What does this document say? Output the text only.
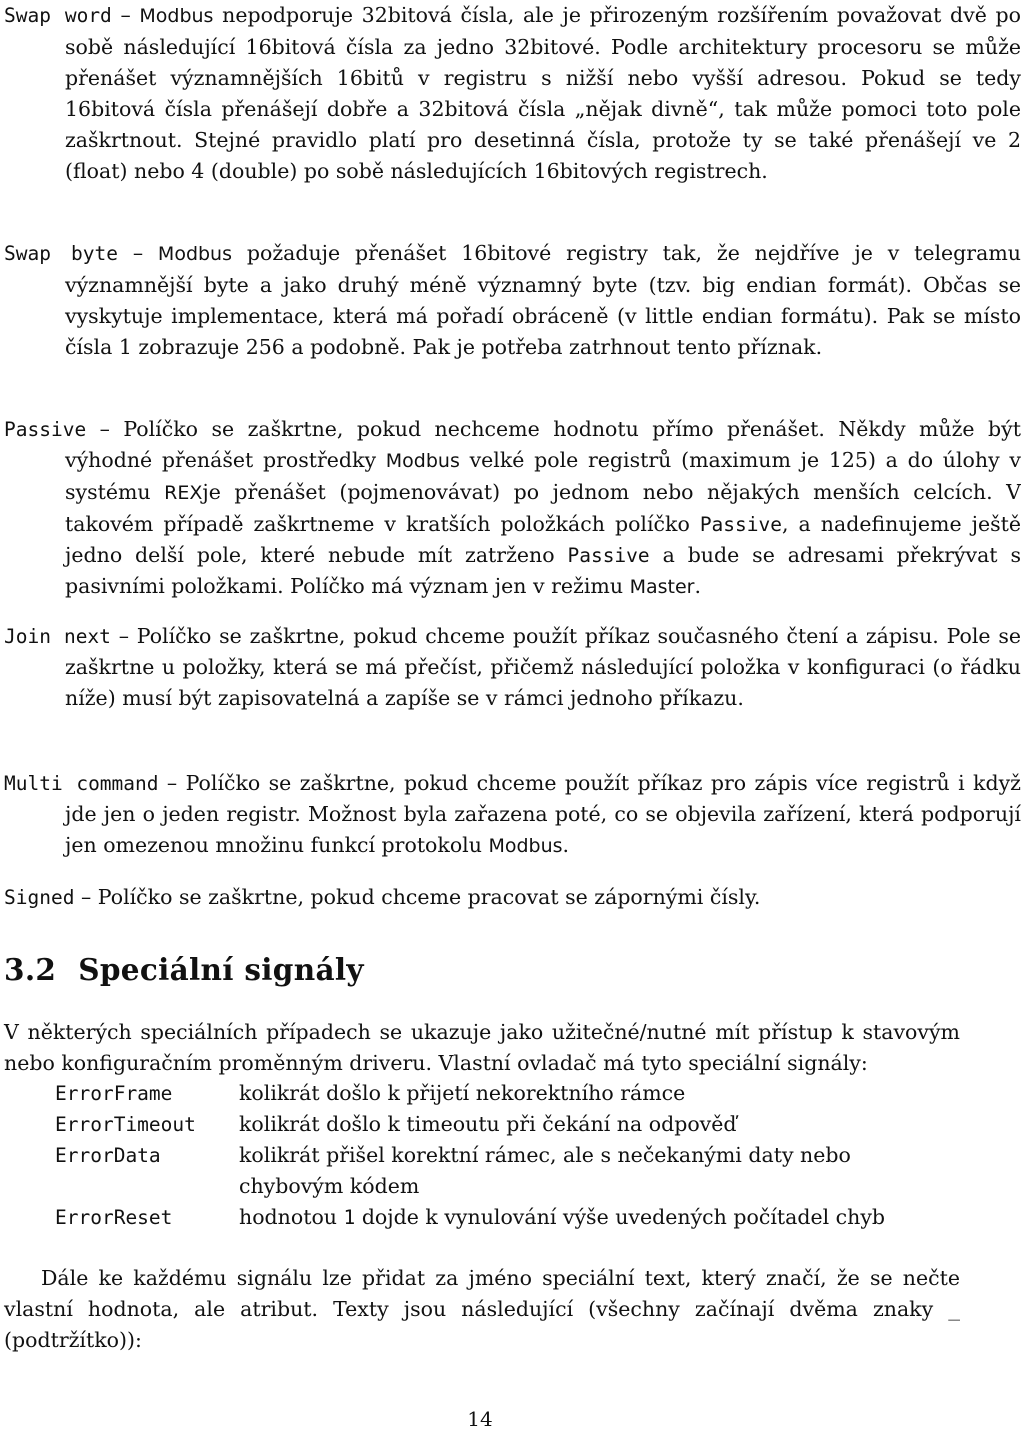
Swap word – Modbus nepodporuje 32bitová čísla, ale je přirozeným rozšířením považovat dvě po sobě následující 16bitová čísla za jedno 32bitové. Podle architektury procesoru se může přenášet významnějších 16bitů v registru s nižší nebo vyšší adresou. Pokud se tedy 16bitová čísla přenášejí dobře a 32bitová čísla „nějak divně“, tak může pomoci toto pole zaškrtnout. Stejné pravidlo platí pro desetinná čísla, protože ty se také přenášejí ve 2 (float) nebo 4 (double) po sobě následujících 16bitových registrech.
Swap byte – Modbus požaduje přenášet 16bitové registry tak, že nejdříve je v telegramu významnější byte a jako druhý méně významný byte (tzv. big endian formát). Občas se vyskytuje implementace, která má pořadí obráceně (v little endian formátu). Pak se místo čísla 1 zobrazuje 256 a podobně. Pak je potřeba zatrhnout tento příznak.
Passive – Políčko se zaškrtne, pokud nechceme hodnotu přímo přenášet. Někdy může být výhodné přenášet prostředky Modbus velké pole registrů (maximum je 125) a do úlohy v systému REXje přenášet (pojmenovávat) po jednom nebo nějakých menších celcích. V takovém případě zaškrtneme v kratších položkách políčko Passive, a nadefinujeme ještě jedno delší pole, které nebude mít zatrženo Passive a bude se adresami překrývat s pasivními položkami. Políčko má význam jen v režimu Master.
Join next – Políčko se zaškrtne, pokud chceme použít příkaz současného čtení a zápisu. Pole se zaškrtne u položky, která se má přečíst, přičemž následující položka v konfiguraci (o řádku níže) musí být zapisovatelná a zapíše se v rámci jednoho příkazu.
Multi command – Políčko se zaškrtne, pokud chceme použít příkaz pro zápis více registrů i když jde jen o jeden registr. Možnost byla zařazena poté, co se objevila zařízení, která podporují jen omezenou množinu funkcí protokolu Modbus.
Signed – Políčko se zaškrtne, pokud chceme pracovat se zápornými čísly.
3.2 Speciální signály
V některých speciálních případech se ukazuje jako užitečné/nutné mít přístup k stavovým nebo konfiguračním proměnným driveru. Vlastní ovladač má tyto speciální signály:
ErrorFrame	kolikrát došlo k přijetí nekorektního rámce
ErrorTimeout	kolikrát došlo k timeoutu při čekání na odpověď
ErrorData	kolikrát přišel korektní rámec, ale s nečekanými daty nebo chybovým kódem
ErrorReset	hodnotou 1 dojde k vynulování výše uvedených počítadel chyb
Dále ke každému signálu lze přidat za jméno speciální text, který značí, že se nečte vlastní hodnota, ale atribut. Texty jsou následující (všechny začínají dvěma znaky _ (podtržítko)):
14
